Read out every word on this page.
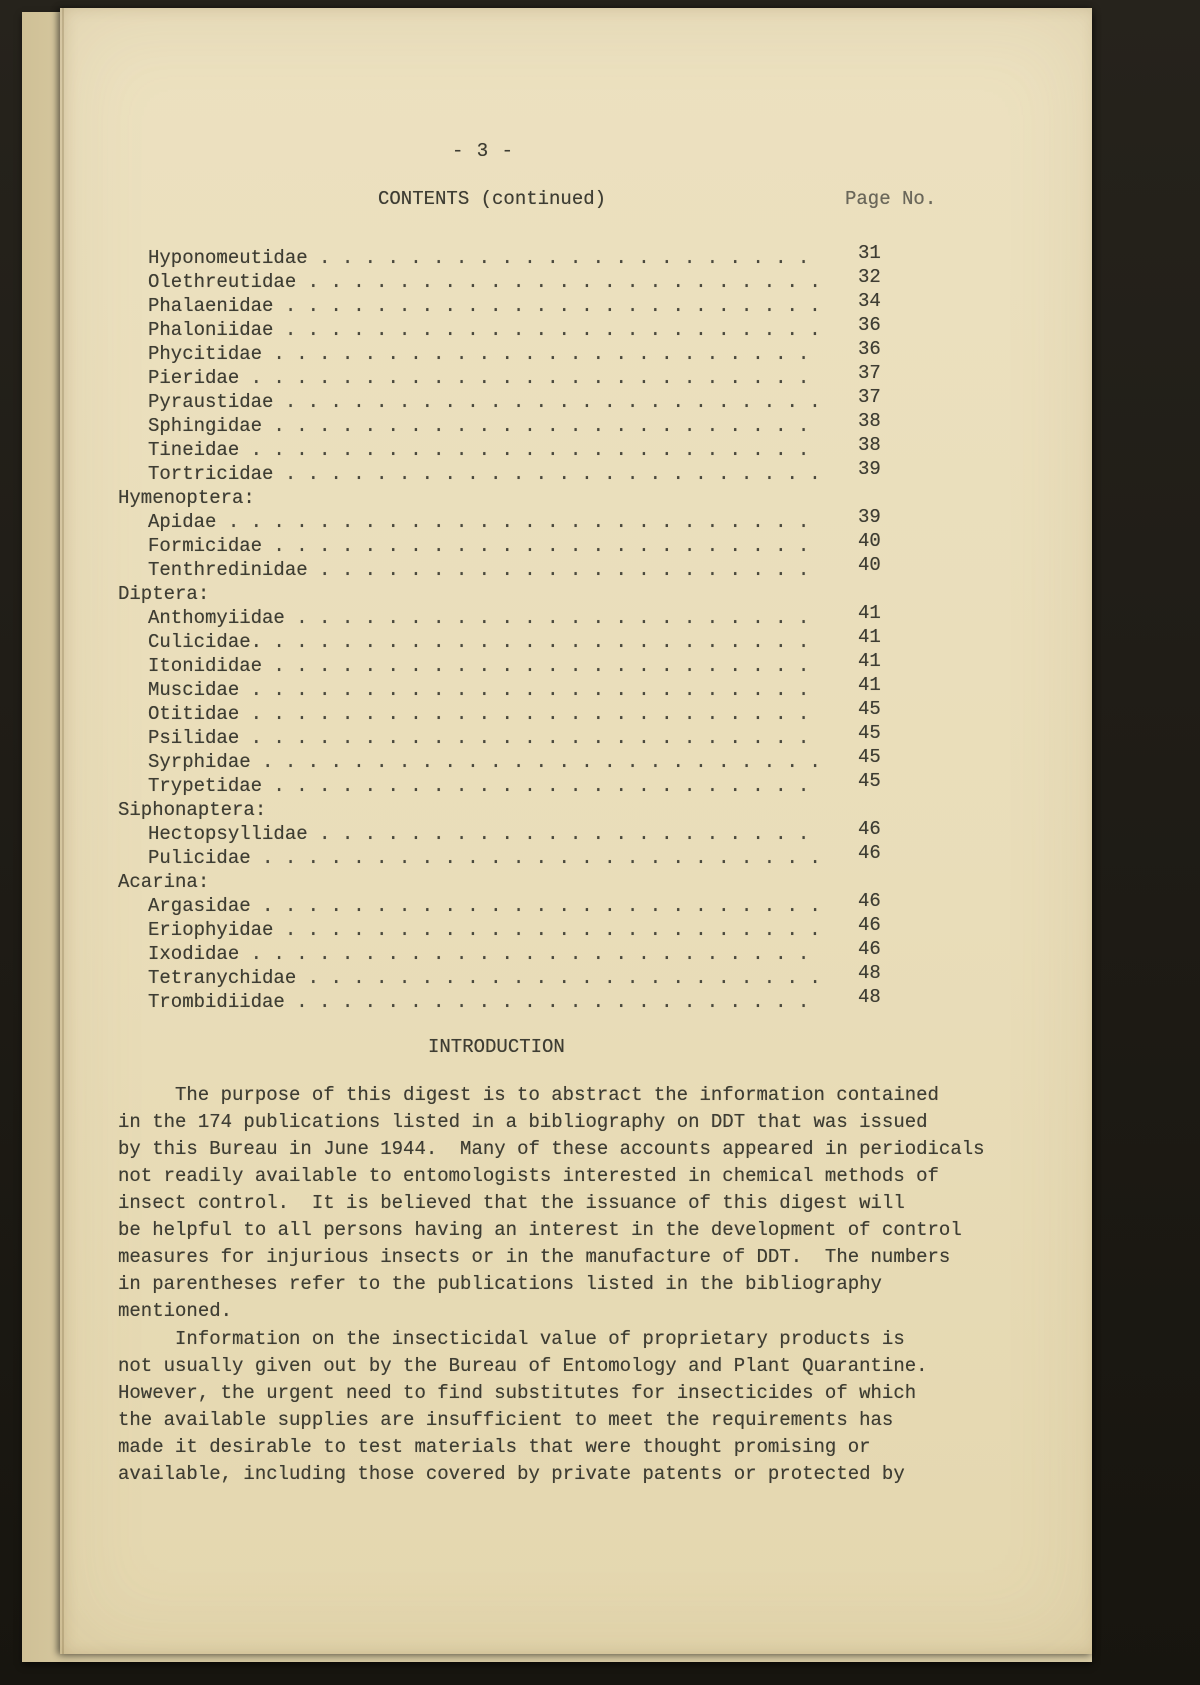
- 3 -
CONTENTS (continued)	Page No.
Hyponomeutidae . . . . . . . . . . . . . . . . . . . . . .	31
Olethreutidae . . . . . . . . . . . . . . . . . . . . . . . 32
Phalaenidae . . . . . . . . . . . . . . . . . . . . . . . . 34
Phaloniidae . . . . . . . . . . . . . . . . . . . . . . . . 36
Phycitidae . . . . . . . . . . . . . . . . . . . . . . . .	36
Pieridae . . . . . . . . . . . . . . . . . . . . . . . . .	37
Pyraustidae . . . . . . . . . . . . . . . . . . . . . . . . 37
Sphingidae . . . . . . . . . . . . . . . . . . . . . . . .	38
Tineidae . . . . . . . . . . . . . . . . . . . . . . . . .	38
Tortricidae . . . . . . . . . . . . . . . . . . . . . . . . 39
Hymenoptera:
Apidae . . . . . . . . . . . . . . . . . . . . . . . . . .	39
Formicidae . . . . . . . . . . . . . . . . . . . . . . . .	40
Tenthredinidae . . . . . . . . . . . . . . . . . . . . . .	40
Diptera:
Anthomyiidae . . . . . . . . . . . . . . . . . . . . . . .	41
Culicidae. . . . . . . . . . . . . . . . . . . . . . . . .	41
Itonididae . . . . . . . . . . . . . . . . . . . . . . . .	41
Muscidae . . . . . . . . . . . . . . . . . . . . . . . . .	41
Otitidae . . . . . . . . . . . . . . . . . . . . . . . . .	45
Psilidae . . . . . . . . . . . . . . . . . . . . . . . . .	45
Syrphidae . . . . . . . . . . . . . . . . . . . . . . . . . 45
Trypetidae . . . . . . . . . . . . . . . . . . . . . . . .	45
Siphonaptera:
Hectopsyllidae . . . . . . . . . . . . . . . . . . . . . .	46
Pulicidae . . . . . . . . . . . . . . . . . . . . . . . . . 46
Acarina:
Argasidae . . . . . . . . . . . . . . . . . . . . . . . . . 46
Eriophyidae . . . . . . . . . . . . . . . . . . . . . . . . 46
Ixodidae . . . . . . . . . . . . . . . . . . . . . . . . .	46
Tetranychidae . . . . . . . . . . . . . . . . . . . . . . . 48
Trombidiidae . . . . . . . . . . . . . . . . . . . . . . .	48
INTRODUCTION
The purpose of this digest is to abstract the information contained
in the 174 publications listed in a bibliography on DDT that was issued
by this Bureau in June 1944.  Many of these accounts appeared in periodicals
not readily available to entomologists interested in chemical methods of
insect control.  It is believed that the issuance of this digest will
be helpful to all persons having an interest in the development of control
measures for injurious insects or in the manufacture of DDT.  The numbers
in parentheses refer to the publications listed in the bibliography
mentioned.
Information on the insecticidal value of proprietary products is
not usually given out by the Bureau of Entomology and Plant Quarantine.
However, the urgent need to find substitutes for insecticides of which
the available supplies are insufficient to meet the requirements has
made it desirable to test materials that were thought promising or
available, including those covered by private patents or protected by
